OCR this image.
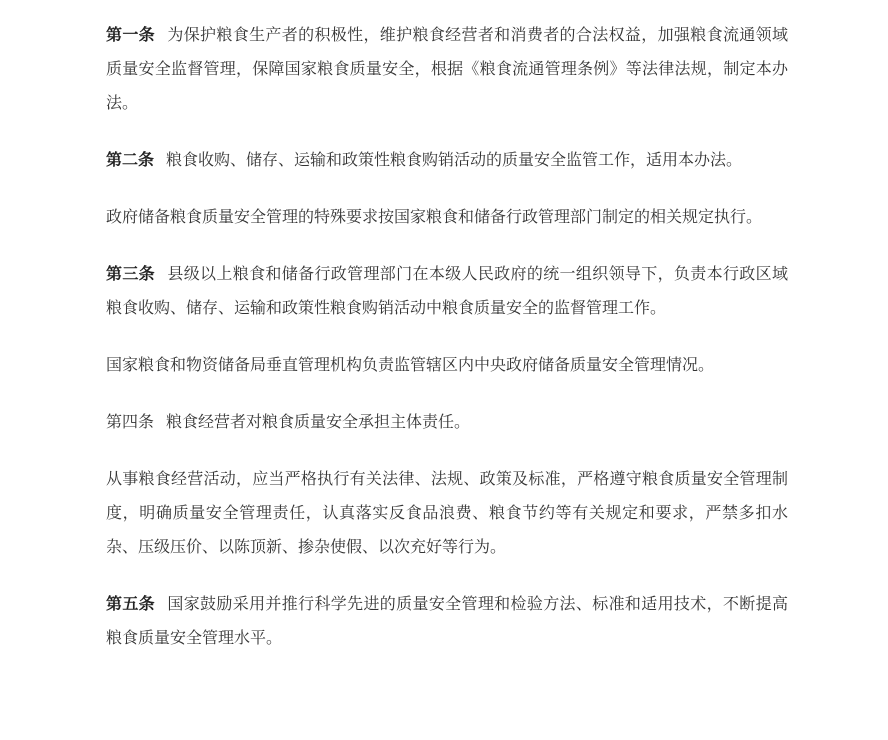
第一条 为保护粮食生产者的积极性，维护粮食经营者和消费者的合法权益，加强粮食流通领域质量安全监督管理，保障国家粮食质量安全，根据《粮食流通管理条例》等法律法规，制定本办法。

第二条 粮食收购、储存、运输和政策性粮食购销活动的质量安全监管工作，适用本办法。

政府储备粮食质量安全管理的特殊要求按国家粮食和储备行政管理部门制定的相关规定执行。

第三条 县级以上粮食和储备行政管理部门在本级人民政府的统一组织领导下，负责本行政区域粮食收购、储存、运输和政策性粮食购销活动中粮食质量安全的监督管理工作。

国家粮食和物资储备局垂直管理机构负责监管辖区内中央政府储备质量安全管理情况。

第四条 粮食经营者对粮食质量安全承担主体责任。

从事粮食经营活动，应当严格执行有关法律、法规、政策及标准，严格遵守粮食质量安全管理制度，明确质量安全管理责任，认真落实反食品浪费、粮食节约等有关规定和要求，严禁多扣水杂、压级压价、以陈顶新、掺杂使假、以次充好等行为。

第五条 国家鼓励采用并推行科学先进的质量安全管理和检验方法、标准和适用技术，不断提高粮食质量安全管理水平。
